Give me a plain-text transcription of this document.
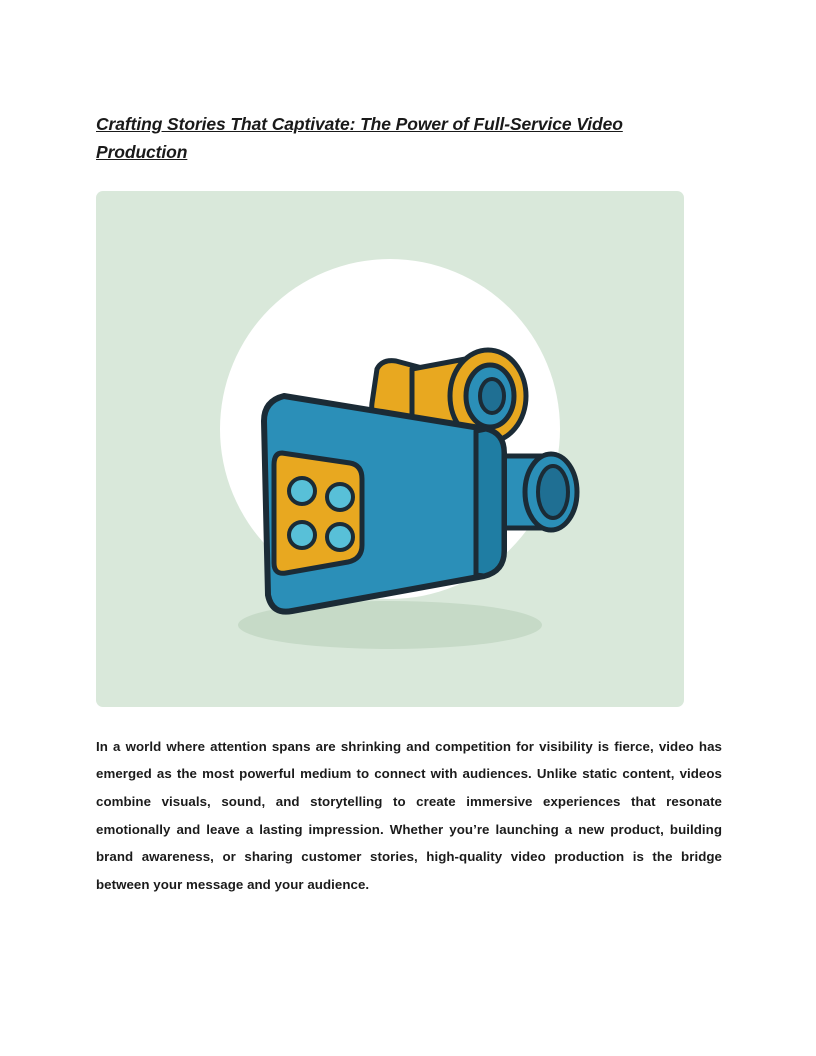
Crafting Stories That Captivate: The Power of Full-Service Video Production

In a world where attention spans are shrinking and competition for visibility is fierce, video has emerged as the most powerful medium to connect with audiences. Unlike static content, videos combine visuals, sound, and storytelling to create immersive experiences that resonate emotionally and leave a lasting impression. Whether you’re launching a new product, building brand awareness, or sharing customer stories, high-quality video production is the bridge between your message and your audience.
